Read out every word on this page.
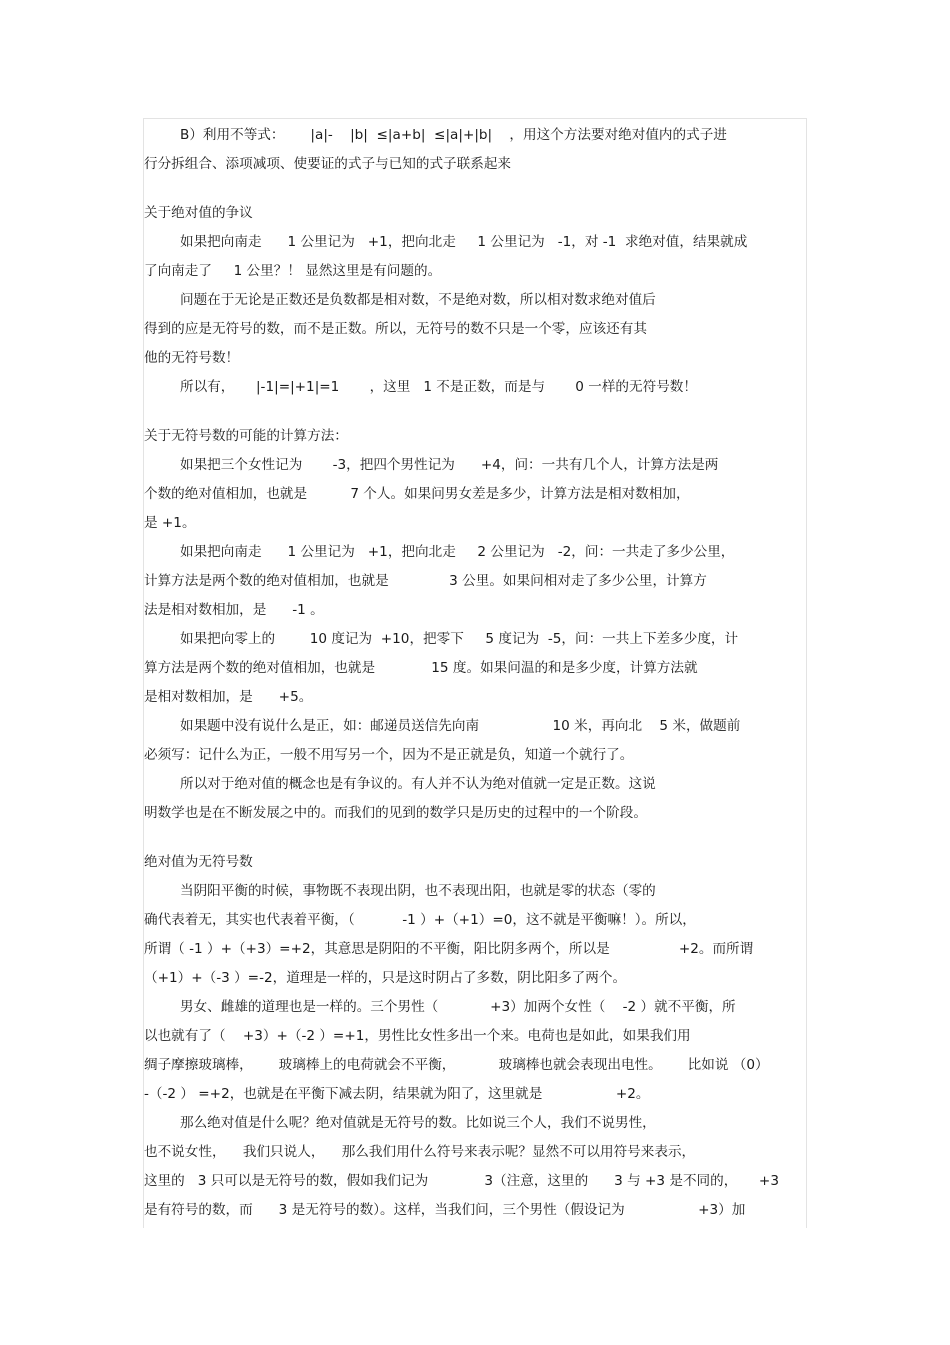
B）利用不等式：      |a|-    |b|  ≤|a+b|  ≤|a|+|b|    ，用这个方法要对绝对值内的式子进
行分拆组合、添项减项、使要证的式子与已知的式子联系起来
关于绝对值的争议
如果把向南走      1 公里记为   +1，把向北走     1 公里记为   -1，对 -1  求绝对值，结果就成
了向南走了     1 公里？！ 显然这里是有问题的。
问题在于无论是正数还是负数都是相对数，不是绝对数，所以相对数求绝对值后
得到的应是无符号的数，而不是正数。所以，无符号的数不只是一个零，应该还有其
他的无符号数！
所以有，     |-1|=|+1|=1       ，这里   1 不是正数，而是与       0 一样的无符号数！
关于无符号数的可能的计算方法：
如果把三个女性记为       -3，把四个男性记为      +4，问：一共有几个人，计算方法是两
个数的绝对值相加，也就是          7 个人。如果问男女差是多少，计算方法是相对数相加，
是 +1。
如果把向南走      1 公里记为   +1，把向北走     2 公里记为   -2，问：一共走了多少公里，
计算方法是两个数的绝对值相加，也就是              3 公里。如果问相对走了多少公里，计算方
法是相对数相加，是      -1 。
如果把向零上的        10 度记为  +10，把零下     5 度记为  -5，问：一共上下差多少度，计
算方法是两个数的绝对值相加，也就是             15 度。如果问温的和是多少度，计算方法就
是相对数相加，是      +5。
如果题中没有说什么是正，如：邮递员送信先向南                 10 米，再向北    5 米，做题前
必须写：记什么为正，一般不用写另一个，因为不是正就是负，知道一个就行了。
所以对于绝对值的概念也是有争议的。有人并不认为绝对值就一定是正数。这说
明数学也是在不断发展之中的。而我们的见到的数学只是历史的过程中的一个阶段。
绝对值为无符号数
当阴阳平衡的时候，事物既不表现出阴，也不表现出阳，也就是零的状态（零的
确代表着无，其实也代表着平衡，（           -1 ）+（+1）=0，这不就是平衡嘛！）。所以，
所谓（ -1 ）+（+3）=+2，其意思是阴阳的不平衡，阳比阴多两个，所以是                +2。而所谓
（+1）+（-3 ）=-2，道理是一样的，只是这时阴占了多数，阴比阳多了两个。
男女、雌雄的道理也是一样的。三个男性（            +3）加两个女性（    -2 ）就不平衡，所
以也就有了（    +3）+（-2 ）=+1，男性比女性多出一个来。电荷也是如此，如果我们用
绸子摩擦玻璃棒，      玻璃棒上的电荷就会不平衡，          玻璃棒也就会表现出电性。      比如说 （0）
-（-2 ） =+2，也就是在平衡下减去阴，结果就为阳了，这里就是                 +2。
那么绝对值是什么呢？绝对值就是无符号的数。比如说三个人，我们不说男性，
也不说女性，    我们只说人，    那么我们用什么符号来表示呢？显然不可以用符号来表示，
这里的   3 只可以是无符号的数，假如我们记为             3（注意，这里的      3 与 +3 是不同的，     +3
是有符号的数，而      3 是无符号的数）。这样，当我们问，三个男性（假设记为                 +3）加
